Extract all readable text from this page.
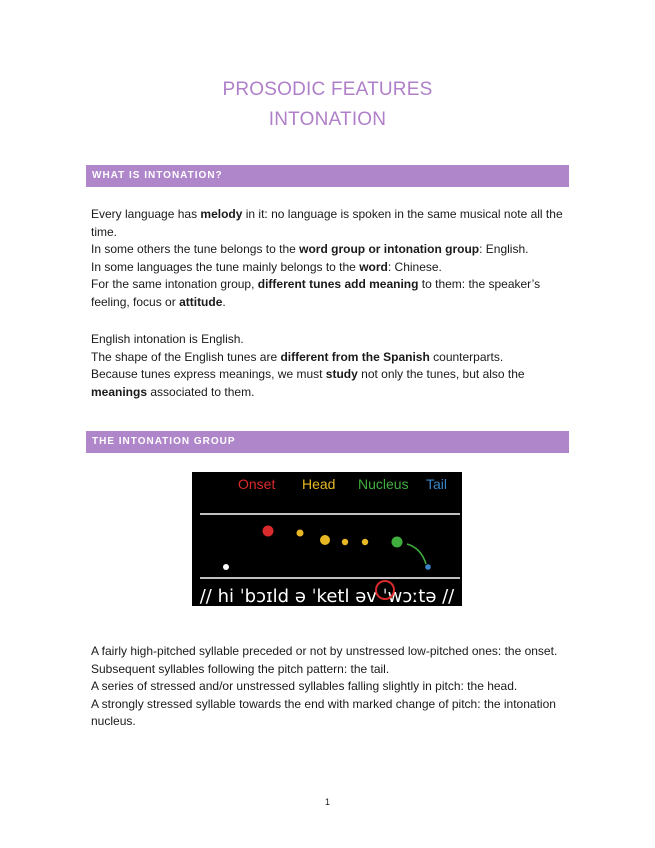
PROSODIC FEATURES
INTONATION
WHAT IS INTONATION?

Every language has melody in it: no language is spoken in the same musical note all the time.

In some others the tune belongs to the word group or intonation group: English.

In some languages the tune mainly belongs to the word: Chinese.

For the same intonation group, different tunes add meaning to them: the speaker’s feeling, focus or attitude.

English intonation is English.

The shape of the English tunes are different from the Spanish counterparts.

Because tunes express meanings, we must study not only the tunes, but also the meanings associated to them.

THE INTONATION GROUP
Onset Head Nucleus Tail
// hi ˈbɔɪld ə ˈketl əv ˈwɔːtə //

A fairly high-pitched syllable preceded or not by unstressed low-pitched ones: the onset.

Subsequent syllables following the pitch pattern: the tail.

A series of stressed and/or unstressed syllables falling slightly in pitch: the head.

A strongly stressed syllable towards the end with marked change of pitch: the intonation nucleus.

1
